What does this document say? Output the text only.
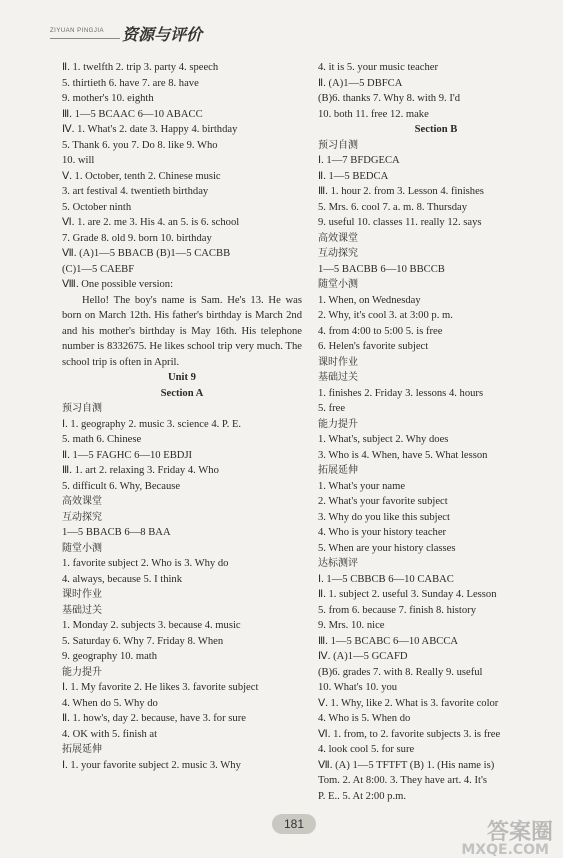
ZIYUAN PINGJIA 资源与评价
Ⅱ. 1. twelfth 2. trip 3. party 4. speech
5. thirtieth 6. have 7. are 8. have
9. mother's 10. eighth
Ⅲ. 1—5 BCAAC 6—10 ABACC
Ⅳ. 1. What's 2. date 3. Happy 4. birthday
5. Thank 6. you 7. Do 8. like 9. Who
10. will
Ⅴ. 1. October, tenth 2. Chinese music
3. art festival 4. twentieth birthday
5. October ninth
Ⅵ. 1. are 2. me 3. His 4. an 5. is 6. school
7. Grade 8. old 9. born 10. birthday
Ⅶ. (A)1—5 BBACB (B)1—5 CACBB
(C)1—5 CAEBF
Ⅷ. One possible version:
Hello! The boy's name is Sam. He's 13. He was born on March 12th. His father's birthday is March 2nd and his mother's birthday is May 16th. His telephone number is 8332675. He likes school trip very much. The school trip is often in April.
Unit 9
Section A
预习自测
Ⅰ. 1. geography 2. music 3. science 4. P. E.
5. math 6. Chinese
Ⅱ. 1—5 FAGHC 6—10 EBDJI
Ⅲ. 1. art 2. relaxing 3. Friday 4. Who
5. difficult 6. Why, Because
高效课堂
互动探究
1—5 BBACB 6—8 BAA
随堂小测
1. favorite subject 2. Who is 3. Why do
4. always, because 5. I think
课时作业
基础过关
1. Monday 2. subjects 3. because 4. music
5. Saturday 6. Why 7. Friday 8. When
9. geography 10. math
能力提升
Ⅰ. 1. My favorite 2. He likes 3. favorite subject
4. When do 5. Why do
Ⅱ. 1. how's, day 2. because, have 3. for sure
4. OK with 5. finish at
拓展延伸
Ⅰ. 1. your favorite subject 2. music 3. Why
4. it is 5. your music teacher
Ⅱ. (A)1—5 DBFCA
(B)6. thanks 7. Why 8. with 9. I'd
10. both 11. free 12. make
Section B
预习自测
Ⅰ. 1—7 BFDGECA
Ⅱ. 1—5 BEDCA
Ⅲ. 1. hour 2. from 3. Lesson 4. finishes
5. Mrs. 6. cool 7. a. m. 8. Thursday
9. useful 10. classes 11. really 12. says
高效课堂
互动探究
1—5 BACBB 6—10 BBCCB
随堂小测
1. When, on Wednesday
2. Why, it's cool 3. at 3:00 p. m.
4. from 4:00 to 5:00 5. is free
6. Helen's favorite subject
课时作业
基础过关
1. finishes 2. Friday 3. lessons 4. hours
5. free
能力提升
1. What's, subject 2. Why does
3. Who is 4. When, have 5. What lesson
拓展延伸
1. What's your name
2. What's your favorite subject
3. Why do you like this subject
4. Who is your history teacher
5. When are your history classes
达标测评
Ⅰ. 1—5 CBBCB 6—10 CABAC
Ⅱ. 1. subject 2. useful 3. Sunday 4. Lesson
5. from 6. because 7. finish 8. history
9. Mrs. 10. nice
Ⅲ. 1—5 BCABC 6—10 ABCCA
Ⅳ. (A)1—5 GCAFD
(B)6. grades 7. with 8. Really 9. useful
10. What's 10. you
Ⅴ. 1. Why, like 2. What is 3. favorite color
4. Who is 5. When do
Ⅵ. 1. from, to 2. favorite subjects 3. is free
4. look cool 5. for sure
Ⅶ. (A) 1—5 TFTFT (B) 1. (His name is)
Tom. 2. At 8:00. 3. They have art. 4. It's
P. E.. 5. At 2:00 p.m.
181	答案圈
MXQE.COM
